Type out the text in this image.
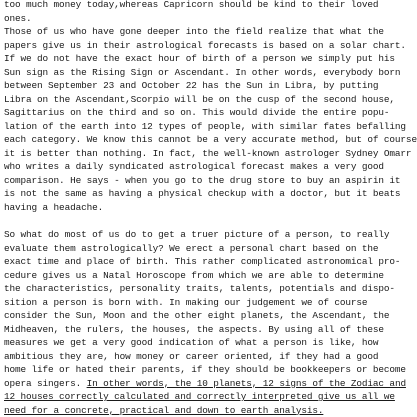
too much money today,whereas Capricorn should be kind to their loved
ones.
Those of us who have gone deeper into the field realize that what the
papers give us in their astrological forecasts is based on a solar chart.
If we do not have the exact hour of birth of a person we simply put his
Sun sign as the Rising Sign or Ascendant. In other words, everybody born
between September 23 and October 22 has the Sun in Libra, by putting
Libra on the Ascendant,Scorpio will be on the cusp of the second house,
Sagittarius on the third and so on. This would divide the entire popu-
lation of the earth into 12 types of people, with similar fates befalling
each category. We know this cannot be a very accurate method, but of course
it is better than nothing. In fact, the well-known astrologer Sydney Omarr
who writes a daily syndicated astrological forecast makes a very good
comparison. He says - when you go to the drug store to buy an aspirin it
is not the same as having a physical checkup with a doctor, but it beats
having a headache.
So what do most of us do to get a truer picture of a person, to really
evaluate them astrologically? We erect a personal chart based on the
exact time and place of birth. This rather complicated astronomical pro-
cedure gives us a Natal Horoscope from which we are able to determine
the characteristics, personality traits, talents, potentials and dispo-
sition a person is born with. In making our judgement we of course
consider the Sun, Moon and the other eight planets, the Ascendant, the
Midheaven, the rulers, the houses, the aspects. By using all of these
measures we get a very good indication of what a person is like, how
ambitious they are, how money or career oriented, if they had a good
home life or hated their parents, if they should be bookkeepers or become
opera singers. In other words, the 10 planets, 12 signs of the Zodiac and
12 houses correctly calculated and correctly interpreted give us all we
need for a concrete, practical and down to earth analysis.
